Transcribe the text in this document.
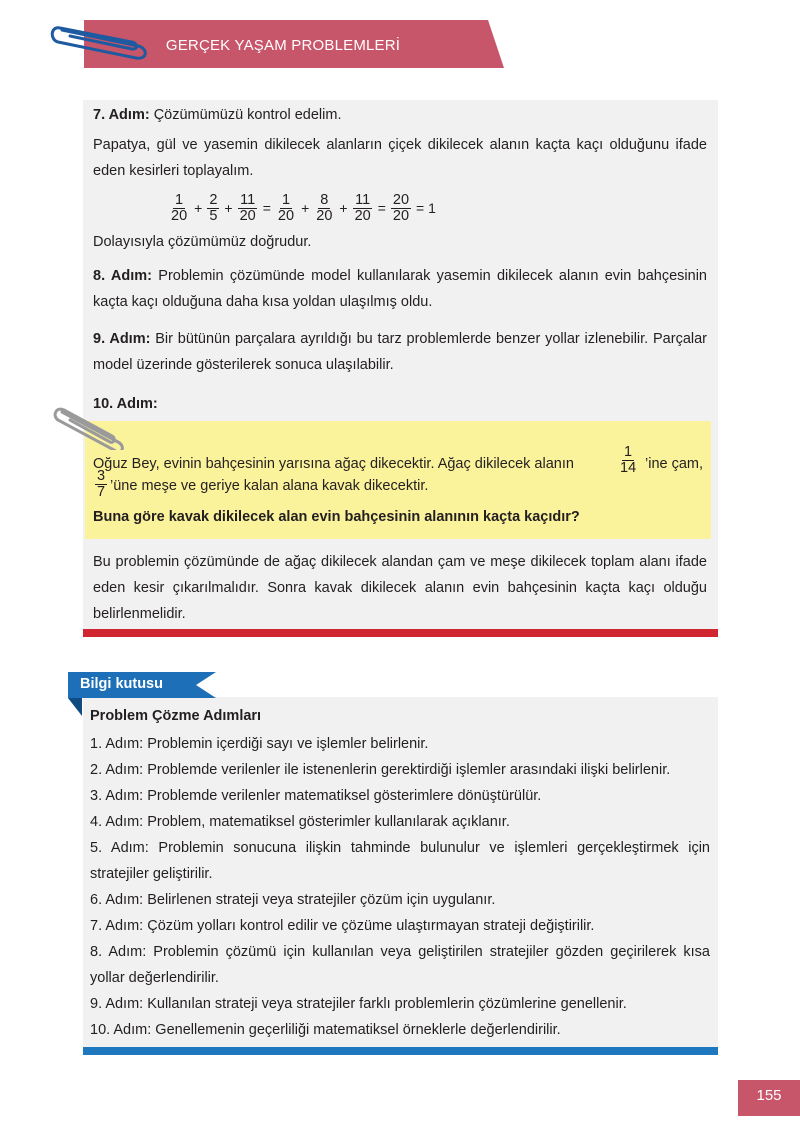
GERÇEK YAŞAM PROBLEMLERİ
7. Adım: Çözümümüzü kontrol edelim.
Papatya, gül ve yasemin dikilecek alanların çiçek dikilecek alanın kaçta kaçı olduğunu ifade eden kesirleri toplayalım.
$\frac{1}{20} + \frac{2}{5} + \frac{11}{20} = \frac{1}{20} + \frac{8}{20} + \frac{11}{20} = \frac{20}{20} = 1$
Dolayısıyla çözümümüz doğrudur.
8. Adım: Problemin çözümünde model kullanılarak yasemin dikilecek alanın evin bahçesinin kaçta kaçı olduğuna daha kısa yoldan ulaşılmış oldu.
9. Adım: Bir bütünün parçalara ayrıldığı bu tarz problemlerde benzer yollar izlenebilir. Parçalar model üzerinde gösterilerek sonuca ulaşılabilir.
10. Adım:
Oğuz Bey, evinin bahçesinin yarısına ağaç dikecektir. Ağaç dikilecek alanın	$\frac{1}{14}$ ’ine çam,
$\frac{3}{7}$ ’üne meşe ve geriye kalan alana kavak dikecektir.
Buna göre kavak dikilecek alan evin bahçesinin alanının kaçta kaçıdır?
Bu problemin çözümünde de ağaç dikilecek alandan çam ve meşe dikilecek toplam alanı ifade eden kesir çıkarılmalıdır. Sonra kavak dikilecek alanın evin bahçesinin kaçta kaçı olduğu belirlenmelidir.
Bilgi kutusu
Problem Çözme Adımları
1. Adım: Problemin içerdiği sayı ve işlemler belirlenir.
2. Adım: Problemde verilenler ile istenenlerin gerektirdiği işlemler arasındaki ilişki belirlenir.
3. Adım: Problemde verilenler matematiksel gösterimlere dönüştürülür.
4. Adım: Problem, matematiksel gösterimler kullanılarak açıklanır.
5. Adım: Problemin sonucuna ilişkin tahminde bulunulur ve işlemleri gerçekleştirmek için stratejiler geliştirilir.
6. Adım: Belirlenen strateji veya stratejiler çözüm için uygulanır.
7. Adım: Çözüm yolları kontrol edilir ve çözüme ulaştırmayan strateji değiştirilir.
8. Adım: Problemin çözümü için kullanılan veya geliştirilen stratejiler gözden geçirilerek kısa yollar değerlendirilir.
9. Adım: Kullanılan strateji veya stratejiler farklı problemlerin çözümlerine genellenir.
10. Adım: Genellemenin geçerliliği matematiksel örneklerle değerlendirilir.
155
